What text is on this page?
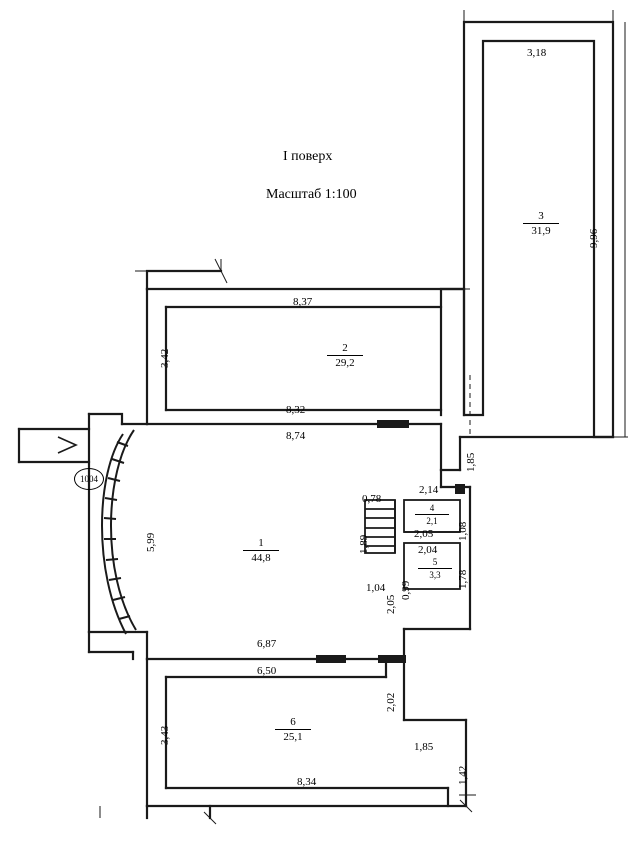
I поверх
Масштаб 1:100
1
44,8
2
29,2
3
31,9
4
2,1
5
3,3
6
25,1
1004
3,18
8,37
8,32
8,74
0,78
2,14
2,05
2,04
1,04
6,87
6,50
8,34
1,85
9,96
1,85
3,42
5,99	1,89
1,08
1,78
2,05
0,99
3,43
2,02
1,42
